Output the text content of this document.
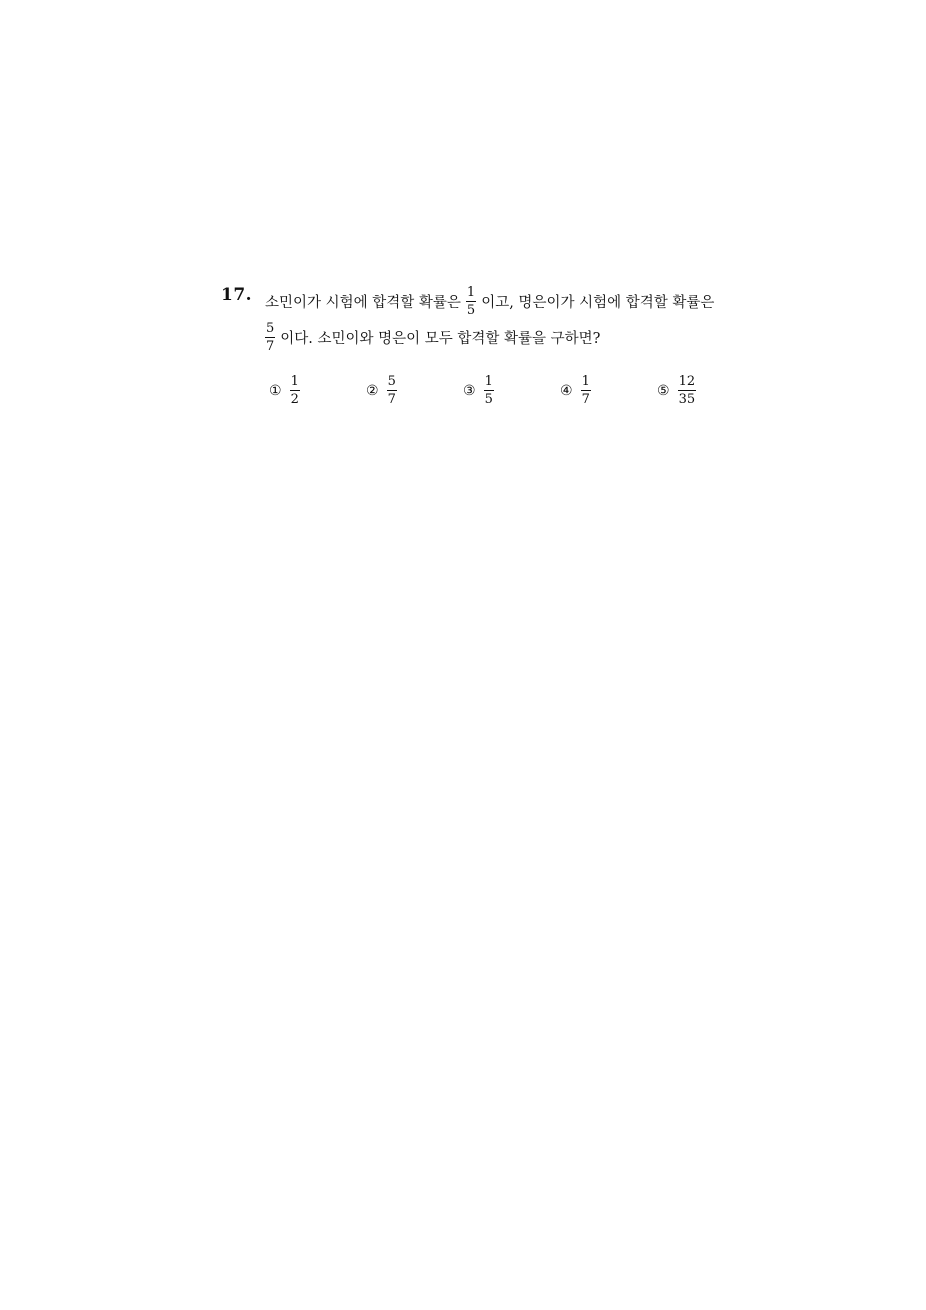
17. 소민이가 시험에 합격할 확률은 $\frac{1}{5}$ 이고, 명은이가 시험에 합격할 확률은
$\frac{5}{7}$ 이다. 소민이와 명은이 모두 합격할 확률을 구하면?
① $\frac{1}{2}$	② $\frac{5}{7}$	③ $\frac{1}{5}$	④ $\frac{1}{7}$	⑤ $\frac{12}{35}$
